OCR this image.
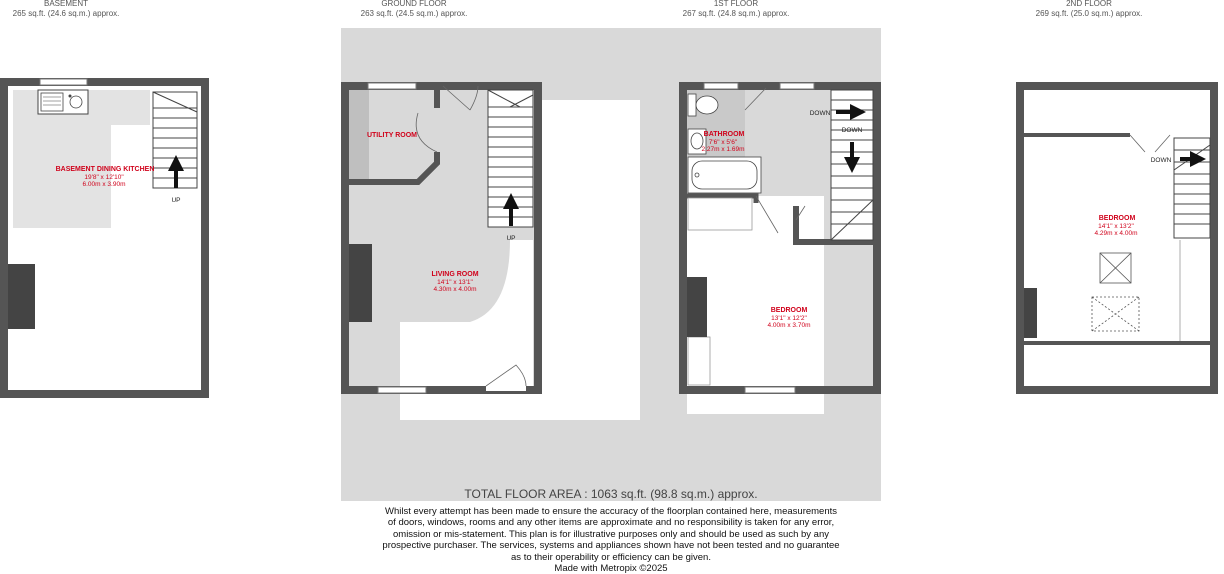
BASEMENT
265 sq.ft. (24.6 sq.m.) approx.
GROUND FLOOR
263 sq.ft. (24.5 sq.m.) approx.
1ST FLOOR
267 sq.ft. (24.8 sq.m.) approx.
2ND FLOOR
269 sq.ft. (25.0 sq.m.) approx.
UP
BASEMENT DINING KITCHEN
19'8" x 12'10"
6.00m x 3.90m
UP
UTILITY ROOM
LIVING ROOM
14'1" x 13'1"
4.30m x 4.00m
DOWN
DOWN
BATHROOM
7'6" x 5'6"
2.27m x 1.69m
BEDROOM
13'1" x 12'2"
4.00m x 3.70m
DOWN
BEDROOM
14'1" x 13'2"
4.29m x 4.00m
TOTAL FLOOR AREA : 1063 sq.ft. (98.8 sq.m.) approx.
Whilst every attempt has been made to ensure the accuracy of the floorplan contained here, measurements
of doors, windows, rooms and any other items are approximate and no responsibility is taken for any error,
omission or mis-statement. This plan is for illustrative purposes only and should be used as such by any
prospective purchaser. The services, systems and appliances shown have not been tested and no guarantee
as to their operability or efficiency can be given.
Made with Metropix ©2025
